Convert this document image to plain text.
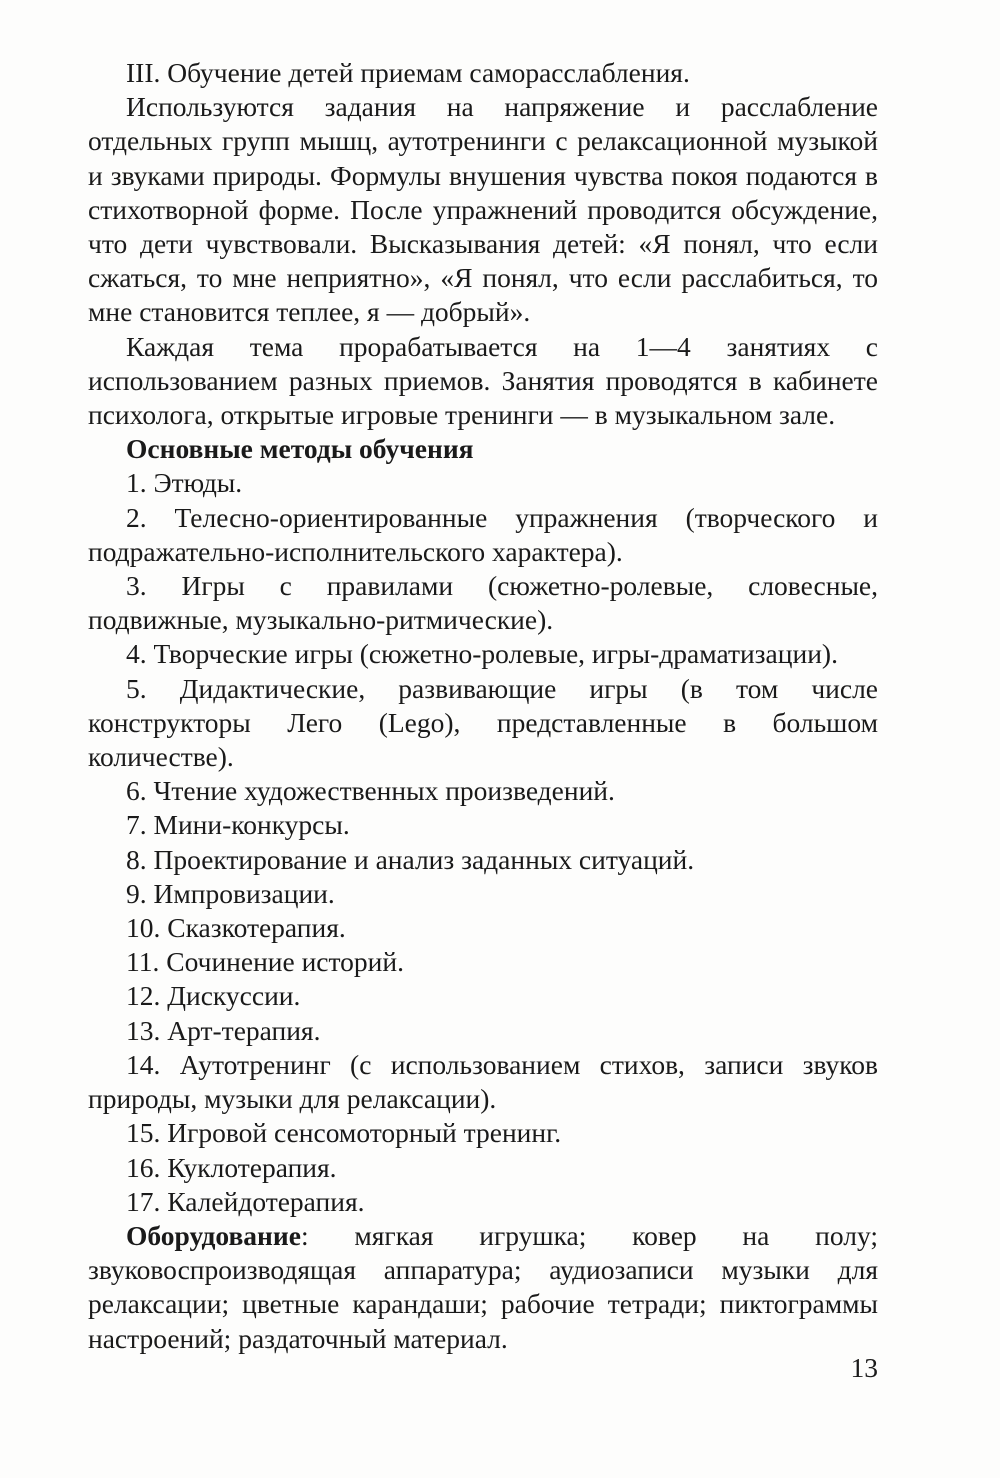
III. Обучение детей приемам саморасслабления.

Используются задания на напряжение и расслабление отдельных групп мышц, аутотренинги с релаксационной музыкой и звуками природы. Формулы внушения чувства покоя подаются в стихотворной форме. После упражнений проводится обсуждение, что дети чувствовали. Высказывания детей: «Я понял, что если сжаться, то мне неприятно», «Я понял, что если расслабиться, то мне становится теплее, я — добрый».

Каждая тема прорабатывается на 1—4 занятиях с использованием разных приемов. Занятия проводятся в кабинете психолога, открытые игровые тренинги — в музыкальном зале.

Основные методы обучения

1. Этюды.

2. Телесно-ориентированные упражнения (творческого и подражательно-исполнительского характера).

3. Игры с правилами (сюжетно-ролевые, словесные, подвижные, музыкально-ритмические).

4. Творческие игры (сюжетно-ролевые, игры-драматизации).

5. Дидактические, развивающие игры (в том числе конструкторы Лего (Lego), представленные в большом количестве).

6. Чтение художественных произведений.

7. Мини-конкурсы.

8. Проектирование и анализ заданных ситуаций.

9. Импровизации.

10. Сказкотерапия.

11. Сочинение историй.

12. Дискуссии.

13. Арт-терапия.

14. Аутотренинг (с использованием стихов, записи звуков природы, музыки для релаксации).

15. Игровой сенсомоторный тренинг.

16. Куклотерапия.

17. Калейдотерапия.

Оборудование: мягкая игрушка; ковер на полу; звуковоспроизводящая аппаратура; аудиозаписи музыки для релаксации; цветные карандаши; рабочие тетради; пиктограммы настроений; раздаточный материал.

13
